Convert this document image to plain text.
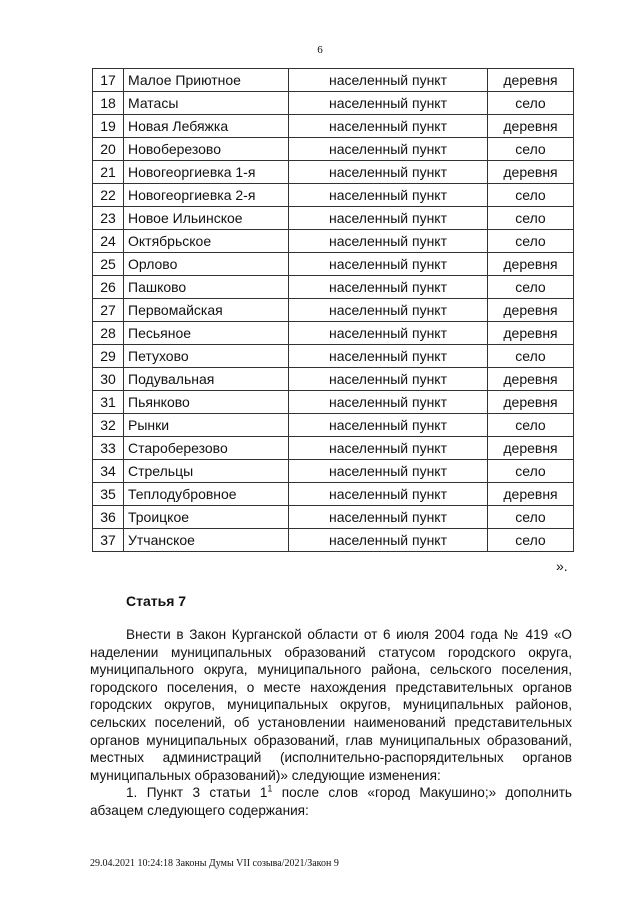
6
17	Малое Приютное	населенный пункт	деревня
18	Матасы	населенный пункт	село
19	Новая Лебяжка	населенный пункт	деревня
20	Новоберезово	населенный пункт	село
21	Новогеоргиевка 1-я	населенный пункт	деревня
22	Новогеоргиевка 2-я	населенный пункт	село
23	Новое Ильинское	населенный пункт	село
24	Октябрьское	населенный пункт	село
25	Орлово	населенный пункт	деревня
26	Пашково	населенный пункт	село
27	Первомайская	населенный пункт	деревня
28	Песьяное	населенный пункт	деревня
29	Петухово	населенный пункт	село
30	Подувальная	населенный пункт	деревня
31	Пьянково	населенный пункт	деревня
32	Рынки	населенный пункт	село
33	Староберезово	населенный пункт	деревня
34	Стрельцы	населенный пункт	село
35	Теплодубровное	населенный пункт	деревня
36	Троицкое	населенный пункт	село
37	Утчанское	населенный пункт	село
».
Статья 7

Внести в Закон Курганской области от 6 июля 2004 года № 419 «О наделении муниципальных образований статусом городского округа, муниципального округа, муниципального района, сельского поселения, городского поселения, о месте нахождения представительных органов городских округов, муниципальных округов, муниципальных районов, сельских поселений, об установлении наименований представительных органов муниципальных образований, глав муниципальных образований, местных администраций (исполнительно-распорядительных органов муниципальных образований)» следующие изменения:

1. Пункт 3 статьи $1^1$ после слов «город Макушино;» дополнить абзацем следующего содержания:

29.04.2021 10:24:18 Законы Думы VII созыва/2021/Закон 9
